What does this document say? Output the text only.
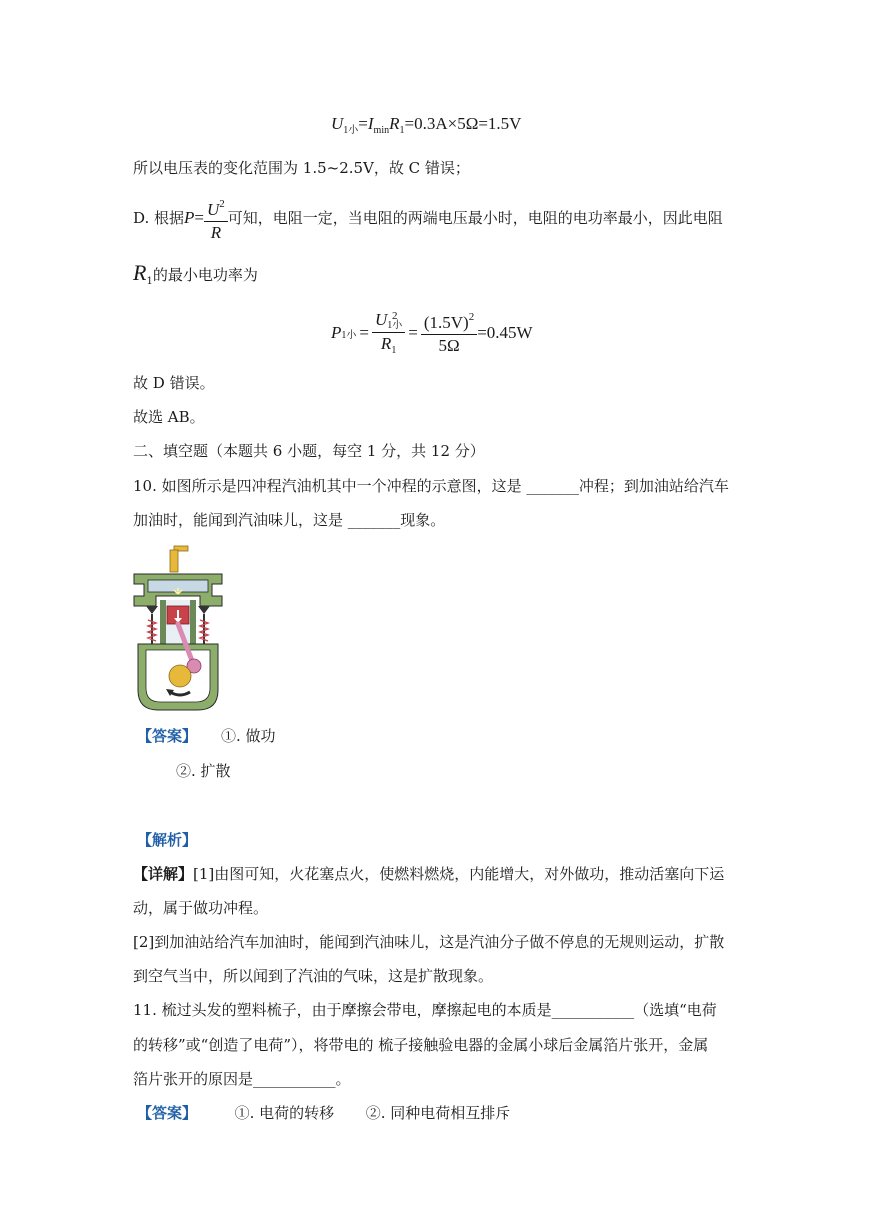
$U_{1小}=I_{min}R_1=0.3A\times 5\Omega=1.5V$
所以电压表的变化范围为 1.5~2.5V，故 C 错误；
D. 根据 $P = \frac{U^2}{R}$ 可知，电阻一定，当电阻的两端电压最小时，电阻的电功率最小，因此电阻
$R_1$的最小电功率为
P 1小 = U 2
1小
$R_1 = \frac{(1.5V)^2}{5\Omega} =0.45W$
故 D 错误。
故选 AB。
二、填空题（本题共 6 小题，每空 1 分，共 12 分）
10. 如图所示是四冲程汽油机其中一个冲程的示意图，这是 _______冲程；到加油站给汽车
加油时，能闻到汽油味儿，这是 _______现象。
【答案】 ①. 做功
②. 扩散
【解析】
【详解】[1]由图可知，火花塞点火，使燃料燃烧，内能增大，对外做功，推动活塞向下运
动，属于做功冲程。
[2]到加油站给汽车加油时，能闻到汽油味儿，这是汽油分子做不停息的无规则运动，扩散
到空气当中，所以闻到了汽油的气味，这是扩散现象。
11. 梳过头发的塑料梳子，由于摩擦会带电，摩擦起电的本质是___________（选填“电荷
的转移”或“创造了电荷”），将带电的 梳子接触验电器的金属小球后金属箔片张开，金属
箔片张开的原因是___________。
【答案】	①. 电荷的转移 ②. 同种电荷相互排斥
